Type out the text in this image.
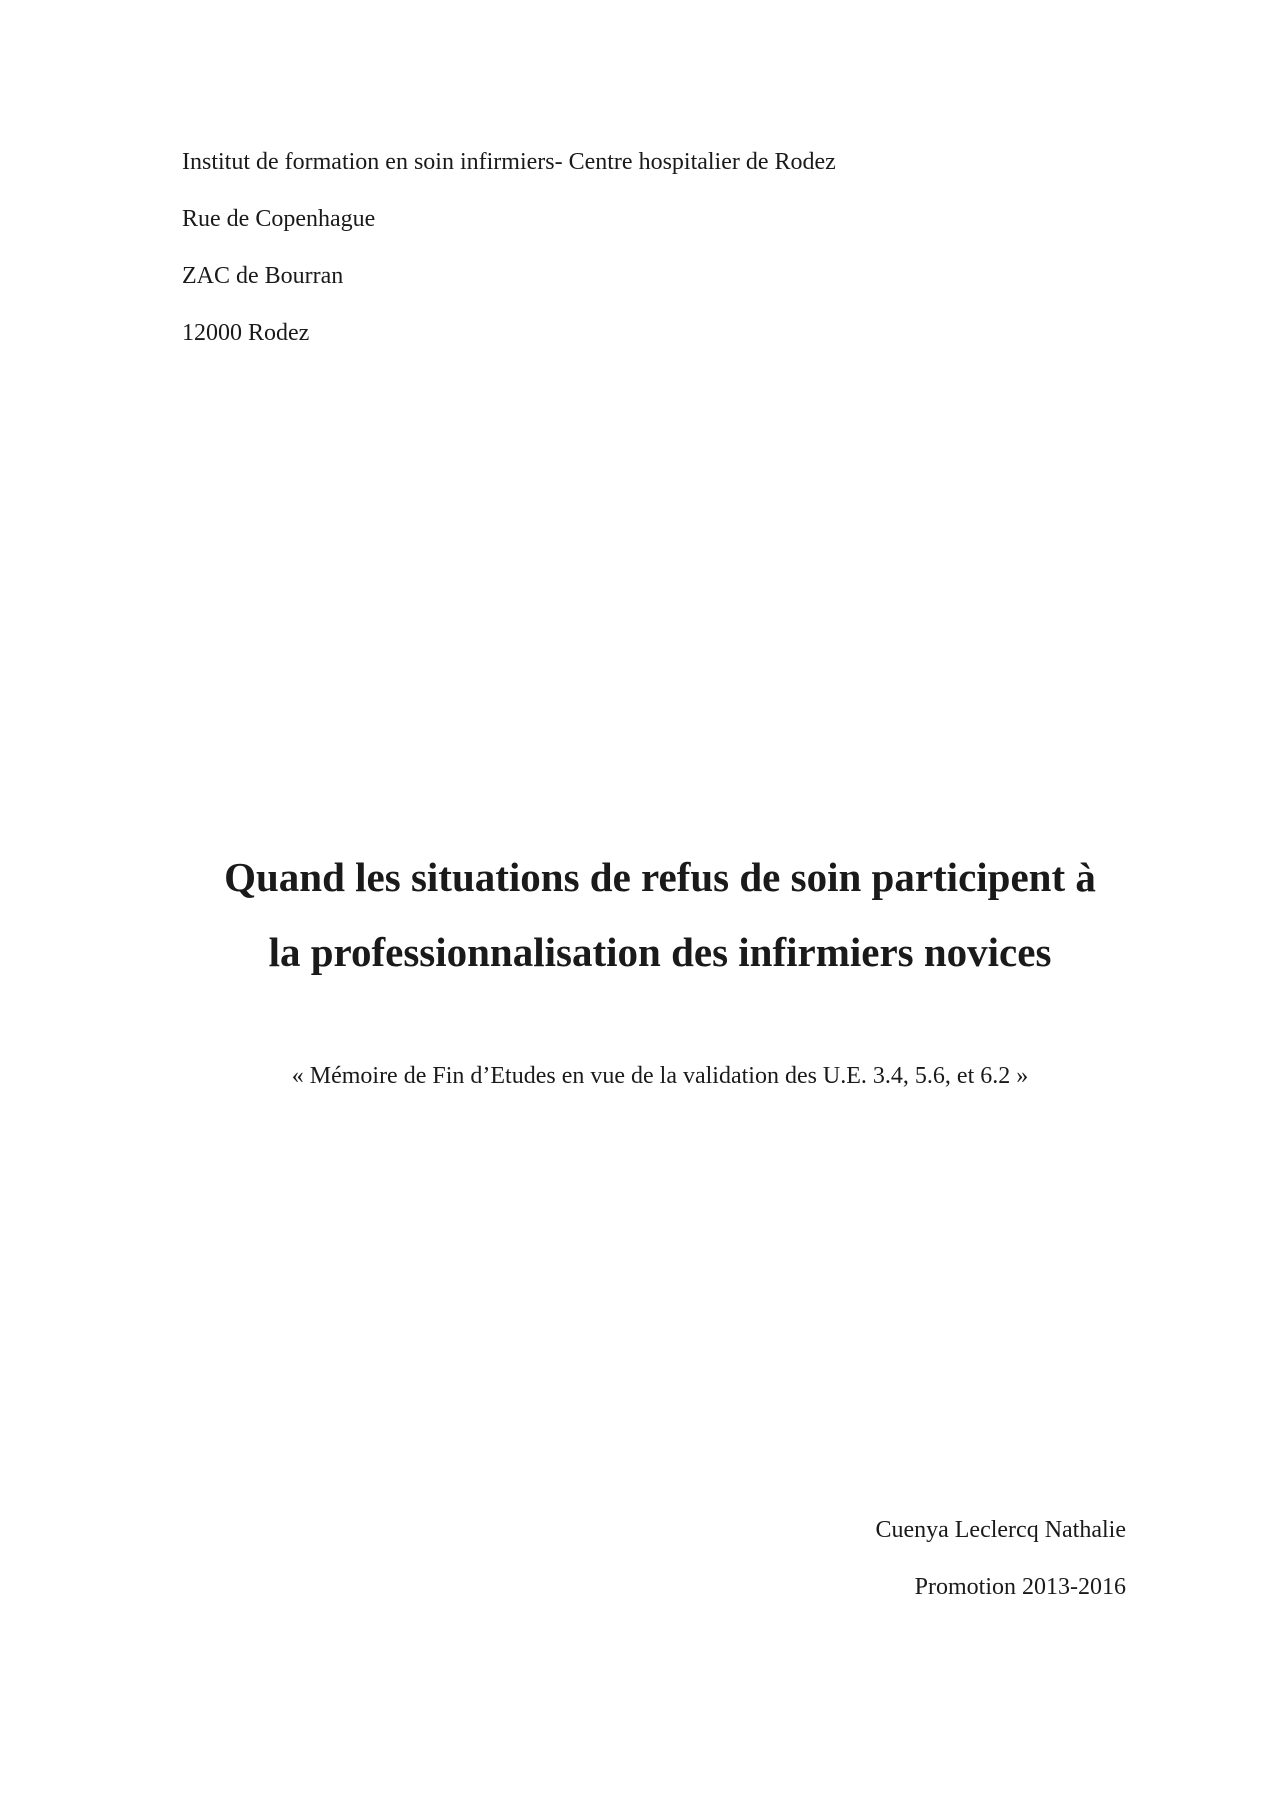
Institut de formation en soin infirmiers- Centre hospitalier de Rodez

Rue de Copenhague

ZAC de Bourran

12000 Rodez

Quand les situations de refus de soin participent à
la professionnalisation des infirmiers novices
« Mémoire de Fin d’Etudes en vue de la validation des U.E. 3.4, 5.6, et 6.2 »

Cuenya Leclercq Nathalie

Promotion 2013-2016
